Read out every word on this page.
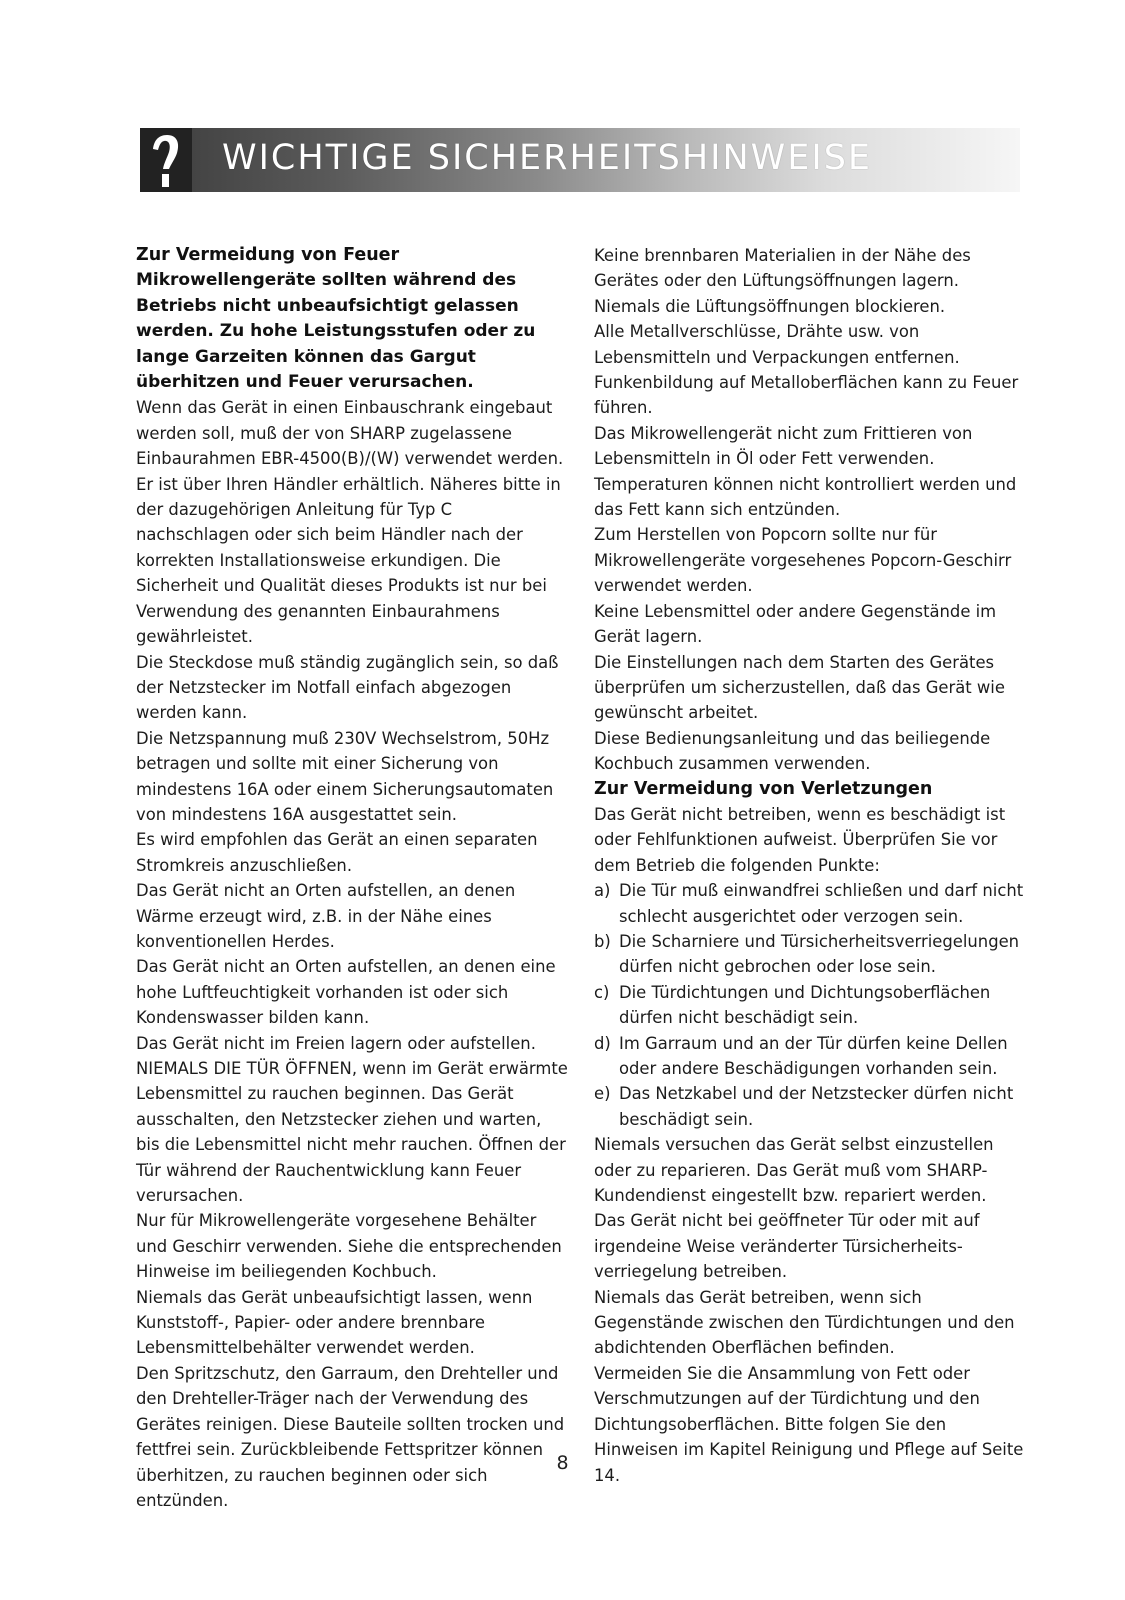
WICHTIGE SICHERHEITSHINWEISE

Zur Vermeidung von Feuer

Mikrowellengeräte sollten während des Betriebs nicht unbeaufsichtigt gelassen werden. Zu hohe Leistungsstufen oder zu lange Garzeiten können das Gargut überhitzen und Feuer verursachen.

Wenn das Gerät in einen Einbauschrank eingebaut werden soll, muß der von SHARP zugelassene Einbaurahmen EBR-4500(B)/(W) verwendet werden. Er ist über Ihren Händler erhältlich. Näheres bitte in der dazugehörigen Anleitung für Typ C nachschlagen oder sich beim Händler nach der korrekten Installationsweise erkundigen. Die Sicherheit und Qualität dieses Produkts ist nur bei Verwendung des genannten Einbaurahmens gewährleistet.

Die Steckdose muß ständig zugänglich sein, so daß der Netzstecker im Notfall einfach abgezogen werden kann.

Die Netzspannung muß 230V Wechselstrom, 50Hz betragen und sollte mit einer Sicherung von mindestens 16A oder einem Sicherungsautomaten von mindestens 16A ausgestattet sein.

Es wird empfohlen das Gerät an einen separaten Stromkreis anzuschließen.

Das Gerät nicht an Orten aufstellen, an denen Wärme erzeugt wird, z.B. in der Nähe eines konventionellen Herdes.

Das Gerät nicht an Orten aufstellen, an denen eine hohe Luftfeuchtigkeit vorhanden ist oder sich Kondenswasser bilden kann.

Das Gerät nicht im Freien lagern oder aufstellen.

NIEMALS DIE TÜR ÖFFNEN, wenn im Gerät erwärmte Lebensmittel zu rauchen beginnen. Das Gerät ausschalten, den Netzstecker ziehen und warten, bis die Lebensmittel nicht mehr rauchen. Öffnen der Tür während der Rauchentwicklung kann Feuer verursachen.

Nur für Mikrowellengeräte vorgesehene Behälter und Geschirr verwenden. Siehe die entsprechenden Hinweise im beiliegenden Kochbuch.

Niemals das Gerät unbeaufsichtigt lassen, wenn Kunststoff-, Papier- oder andere brennbare Lebensmittelbehälter verwendet werden.

Den Spritzschutz, den Garraum, den Drehteller und den Drehteller-Träger nach der Verwendung des Gerätes reinigen. Diese Bauteile sollten trocken und fettfrei sein. Zurückbleibende Fettspritzer können überhitzen, zu rauchen beginnen oder sich entzünden.

Keine brennbaren Materialien in der Nähe des Gerätes oder den Lüftungsöffnungen lagern.

Niemals die Lüftungsöffnungen blockieren.

Alle Metallverschlüsse, Drähte usw. von Lebensmitteln und Verpackungen entfernen. Funkenbildung auf Metalloberflächen kann zu Feuer führen.

Das Mikrowellengerät nicht zum Frittieren von Lebensmitteln in Öl oder Fett verwenden. Temperaturen können nicht kontrolliert werden und das Fett kann sich entzünden.

Zum Herstellen von Popcorn sollte nur für Mikrowellengeräte vorgesehenes Popcorn-Geschirr verwendet werden.

Keine Lebensmittel oder andere Gegenstände im Gerät lagern.

Die Einstellungen nach dem Starten des Gerätes überprüfen um sicherzustellen, daß das Gerät wie gewünscht arbeitet.

Diese Bedienungsanleitung und das beiliegende Kochbuch zusammen verwenden.

Zur Vermeidung von Verletzungen

Das Gerät nicht betreiben, wenn es beschädigt ist oder Fehlfunktionen aufweist. Überprüfen Sie vor dem Betrieb die folgenden Punkte:

a) Die Tür muß einwandfrei schließen und darf nicht schlecht ausgerichtet oder verzogen sein.
b) Die Scharniere und Türsicherheitsverriegelungen dürfen nicht gebrochen oder lose sein.
c) Die Türdichtungen und Dichtungsoberflächen dürfen nicht beschädigt sein.
d) Im Garraum und an der Tür dürfen keine Dellen oder andere Beschädigungen vorhanden sein.
e) Das Netzkabel und der Netzstecker dürfen nicht beschädigt sein.

Niemals versuchen das Gerät selbst einzustellen oder zu reparieren. Das Gerät muß vom SHARP-Kundendienst eingestellt bzw. repariert werden.

Das Gerät nicht bei geöffneter Tür oder mit auf irgendeine Weise veränderter Türsicherheits-verriegelung betreiben.

Niemals das Gerät betreiben, wenn sich Gegenstände zwischen den Türdichtungen und den abdichtenden Oberflächen befinden.

Vermeiden Sie die Ansammlung von Fett oder Verschmutzungen auf der Türdichtung und den Dichtungsoberflächen. Bitte folgen Sie den Hinweisen im Kapitel Reinigung und Pflege auf Seite 14.

8
